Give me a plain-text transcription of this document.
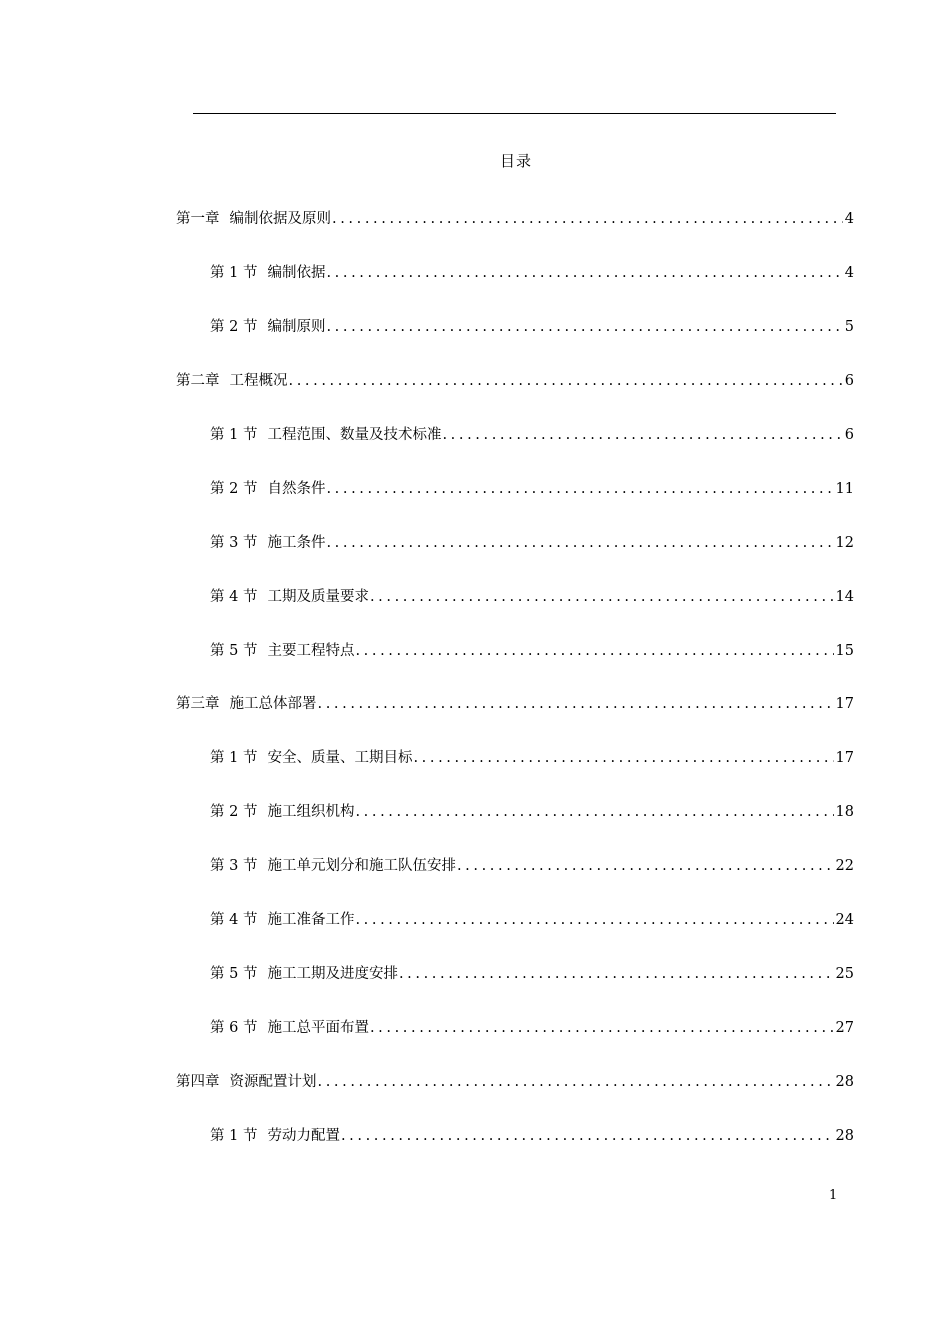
目录
第一章 编制依据及原则 .....	4
第 1 节 编制依据 .....	4
第 2 节 编制原则 .....	5
第二章 工程概况 .....	6
第 1 节 工程范围、数量及技术标准 .....	6
第 2 节 自然条件 .....	11
第 3 节 施工条件 .....	12
第 4 节 工期及质量要求 .....	14
第 5 节 主要工程特点 .....	15
第三章 施工总体部署 .....	17
第 1 节 安全、质量、工期目标 .....	17
第 2 节 施工组织机构 .....	18
第 3 节 施工单元划分和施工队伍安排 .....	22
第 4 节 施工准备工作 .....	24
第 5 节 施工工期及进度安排 .....	25
第 6 节 施工总平面布置 .....	27
第四章 资源配置计划 .....	28
第 1 节 劳动力配置 .....	28
1
